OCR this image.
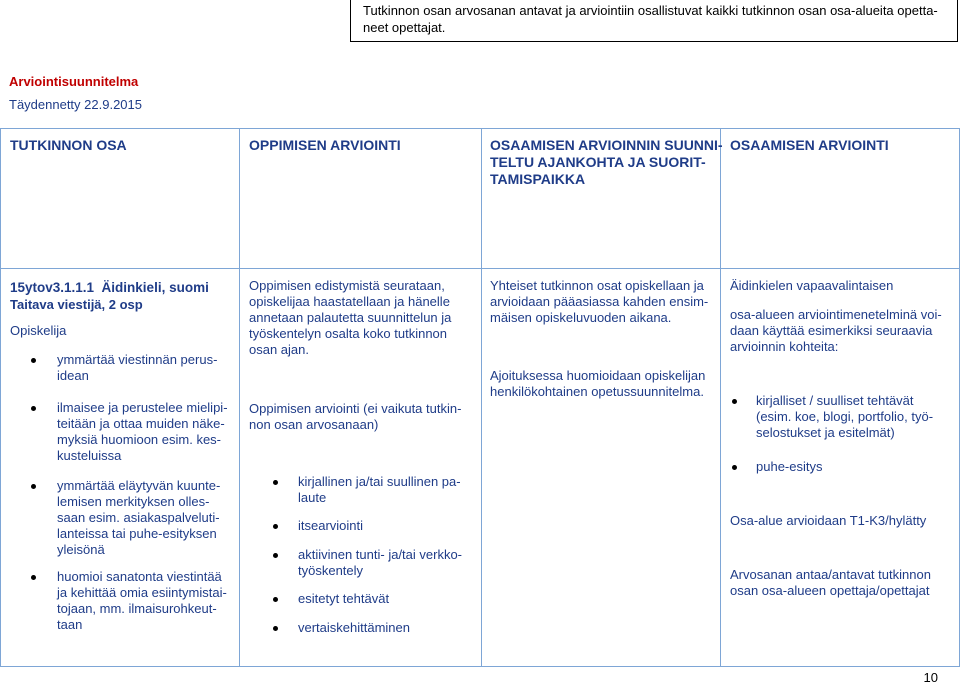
Tutkinnon osan arvosanan antavat ja arviointiin osallistuvat kaikki tutkinnon osan osa-alueita opetta-
neet opettajat.
Arviointisuunnitelma
Täydennetty 22.9.2015
TUTKINNON OSA	OPPIMISEN ARVIOINTI	OSAAMISEN ARVIOINNIN SUUNNI-
TELTU AJANKOHTA JA SUORIT-
TAMISPAIKKA
OSAAMISEN ARVIOINTI
15ytov3.1.1.1  Äidinkieli, suomi
Taitava viestijä, 2 osp
Opiskelija
ymmärtää viestinnän perus-
idean
ilmaisee ja perustelee mielipi-
teitään ja ottaa muiden näke-
myksiä huomioon esim. kes-
kusteluissa
ymmärtää eläytyvän kuunte-
lemisen merkityksen olles-
saan esim. asiakaspalveluti-
lanteissa tai puhe-esityksen
yleisönä
huomioi sanatonta viestintää
ja kehittää omia esiintymistai-
tojaan, mm. ilmaisurohkeut-
taan
Oppimisen edistymistä seurataan,
opiskelijaa haastatellaan ja hänelle
annetaan palautetta suunnittelun ja
työskentelyn osalta koko tutkinnon
osan ajan.
Oppimisen arviointi (ei vaikuta tutkin-
non osan arvosanaan)
kirjallinen ja/tai suullinen pa-
laute
itsearviointi
aktiivinen tunti- ja/tai verkko-
työskentely
esitetyt tehtävät
vertaiskehittäminen
Yhteiset tutkinnon osat opiskellaan ja
arvioidaan pääasiassa kahden ensim-
mäisen opiskeluvuoden aikana.
Ajoituksessa huomioidaan opiskelijan
henkilökohtainen opetussuunnitelma.
Äidinkielen vapaavalintaisen
osa-alueen arviointimenetelminä voi-
daan käyttää esimerkiksi seuraavia
arvioinnin kohteita:
kirjalliset / suulliset tehtävät
(esim. koe, blogi, portfolio, työ-
selostukset ja esitelmät)
puhe-esitys
Osa-alue arvioidaan T1-K3/hylätty
Arvosanan antaa/antavat tutkinnon
osan osa-alueen opettaja/opettajat
10
